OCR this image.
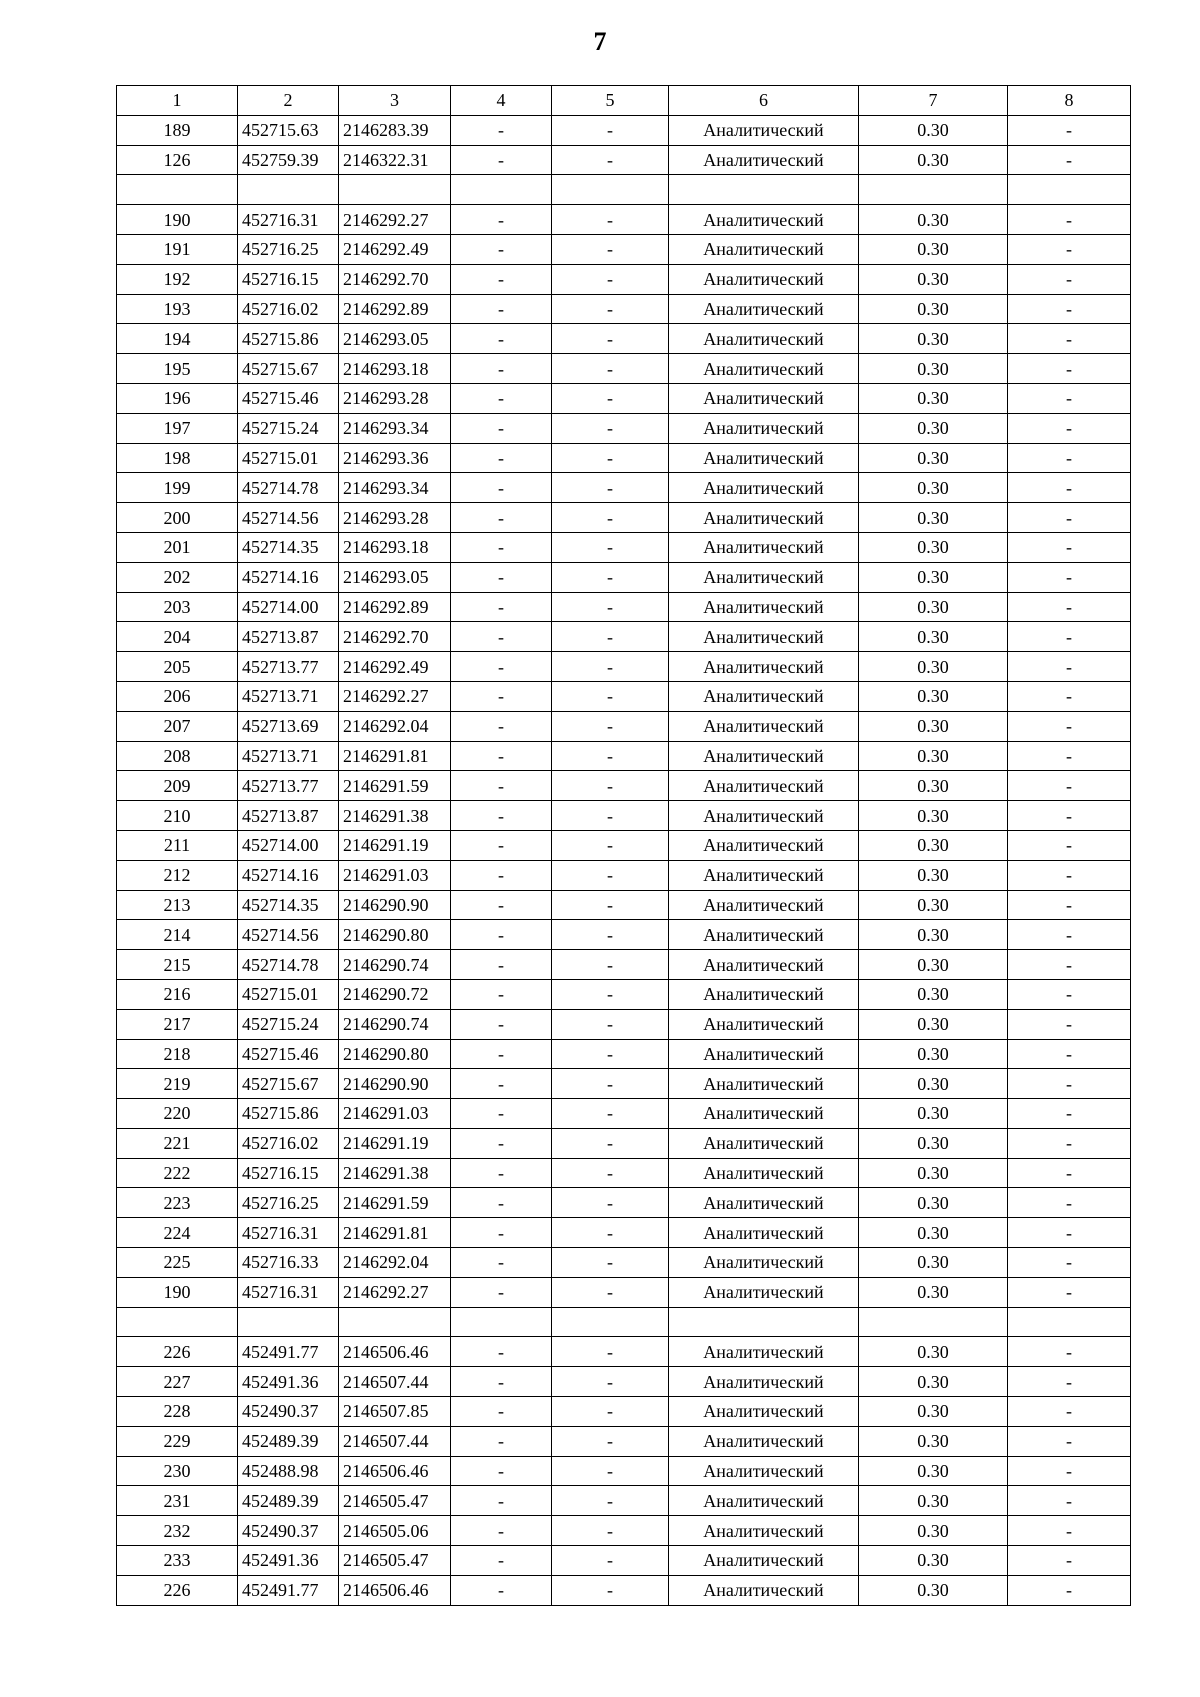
7
1	2	3	4	5	6	7	8
189	452715.63	2146283.39	-	-	Аналитический	0.30	-
126	452759.39	2146322.31	-	-	Аналитический	0.30	-

190	452716.31	2146292.27	-	-	Аналитический	0.30	-
191	452716.25	2146292.49	-	-	Аналитический	0.30	-
192	452716.15	2146292.70	-	-	Аналитический	0.30	-
193	452716.02	2146292.89	-	-	Аналитический	0.30	-
194	452715.86	2146293.05	-	-	Аналитический	0.30	-
195	452715.67	2146293.18	-	-	Аналитический	0.30	-
196	452715.46	2146293.28	-	-	Аналитический	0.30	-
197	452715.24	2146293.34	-	-	Аналитический	0.30	-
198	452715.01	2146293.36	-	-	Аналитический	0.30	-
199	452714.78	2146293.34	-	-	Аналитический	0.30	-
200	452714.56	2146293.28	-	-	Аналитический	0.30	-
201	452714.35	2146293.18	-	-	Аналитический	0.30	-
202	452714.16	2146293.05	-	-	Аналитический	0.30	-
203	452714.00	2146292.89	-	-	Аналитический	0.30	-
204	452713.87	2146292.70	-	-	Аналитический	0.30	-
205	452713.77	2146292.49	-	-	Аналитический	0.30	-
206	452713.71	2146292.27	-	-	Аналитический	0.30	-
207	452713.69	2146292.04	-	-	Аналитический	0.30	-
208	452713.71	2146291.81	-	-	Аналитический	0.30	-
209	452713.77	2146291.59	-	-	Аналитический	0.30	-
210	452713.87	2146291.38	-	-	Аналитический	0.30	-
211	452714.00	2146291.19	-	-	Аналитический	0.30	-
212	452714.16	2146291.03	-	-	Аналитический	0.30	-
213	452714.35	2146290.90	-	-	Аналитический	0.30	-
214	452714.56	2146290.80	-	-	Аналитический	0.30	-
215	452714.78	2146290.74	-	-	Аналитический	0.30	-
216	452715.01	2146290.72	-	-	Аналитический	0.30	-
217	452715.24	2146290.74	-	-	Аналитический	0.30	-
218	452715.46	2146290.80	-	-	Аналитический	0.30	-
219	452715.67	2146290.90	-	-	Аналитический	0.30	-
220	452715.86	2146291.03	-	-	Аналитический	0.30	-
221	452716.02	2146291.19	-	-	Аналитический	0.30	-
222	452716.15	2146291.38	-	-	Аналитический	0.30	-
223	452716.25	2146291.59	-	-	Аналитический	0.30	-
224	452716.31	2146291.81	-	-	Аналитический	0.30	-
225	452716.33	2146292.04	-	-	Аналитический	0.30	-
190	452716.31	2146292.27	-	-	Аналитический	0.30	-

226	452491.77	2146506.46	-	-	Аналитический	0.30	-
227	452491.36	2146507.44	-	-	Аналитический	0.30	-
228	452490.37	2146507.85	-	-	Аналитический	0.30	-
229	452489.39	2146507.44	-	-	Аналитический	0.30	-
230	452488.98	2146506.46	-	-	Аналитический	0.30	-
231	452489.39	2146505.47	-	-	Аналитический	0.30	-
232	452490.37	2146505.06	-	-	Аналитический	0.30	-
233	452491.36	2146505.47	-	-	Аналитический	0.30	-
226	452491.77	2146506.46	-	-	Аналитический	0.30	-
